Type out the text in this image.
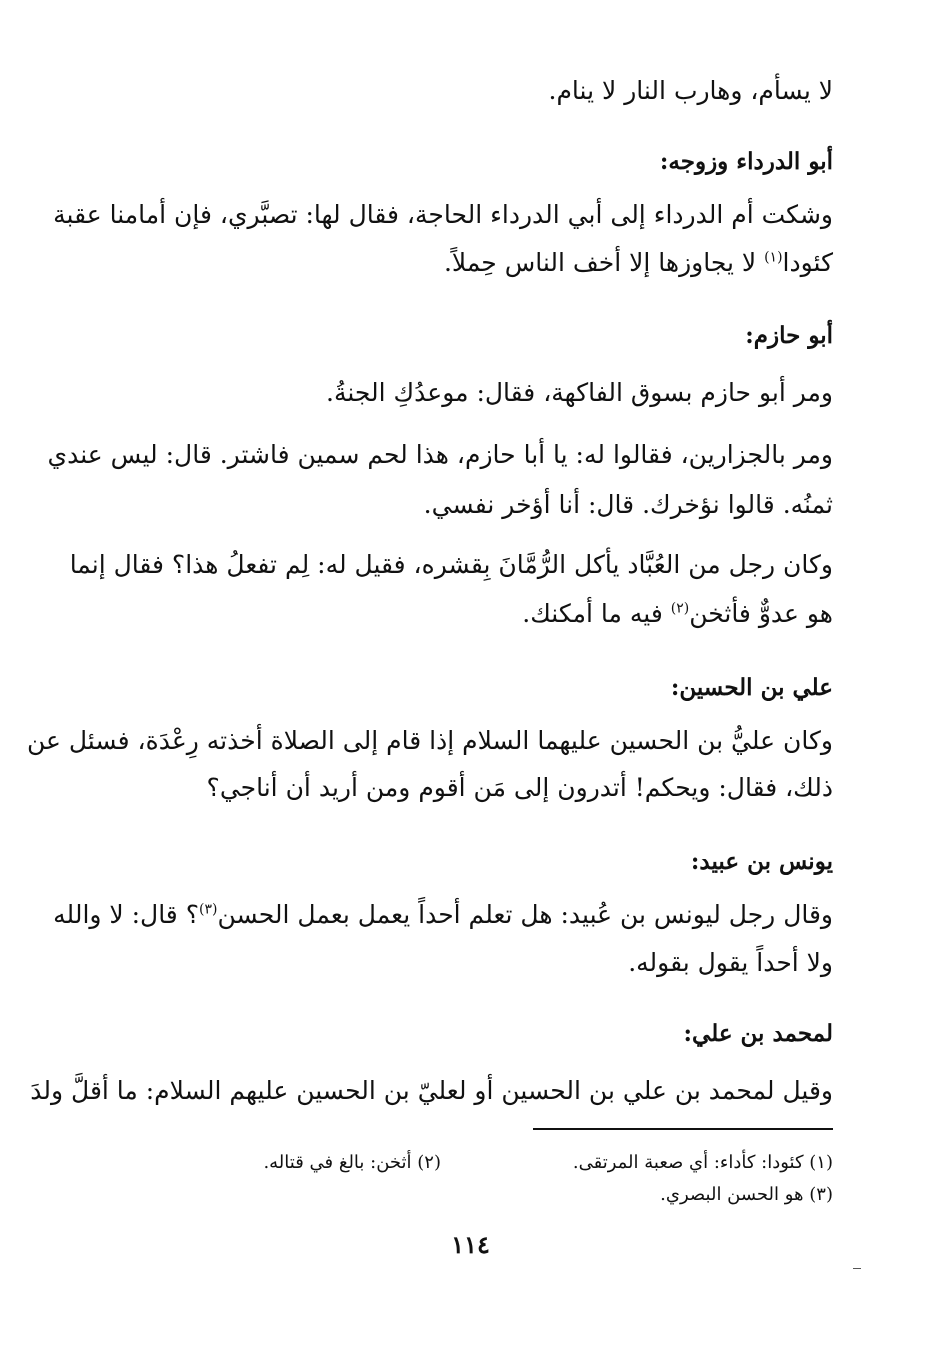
لا يسأم، وهارب النار لا ينام.
أبو الدرداء وزوجه:
وشكت أم الدرداء إلى أبي الدرداء الحاجة، فقال لها: تصبَّري، فإن أمامنا عقبة
كئودا$^{(١)}$ لا يجاوزها إلا أخف الناس حِملاً.
أبو حازم:
ومر أبو حازم بسوق الفاكهة، فقال: موعدُكِ الجنةُ.
ومر بالجزارين، فقالوا له: يا أبا حازم، هذا لحم سمين فاشتر. قال: ليس عندي
ثمنُه. قالوا نؤخرك. قال: أنا أؤخر نفسي.
وكان رجل من العُبَّاد يأكل الرُّمَّانَ بِقشره، فقيل له: لِم تفعلُ هذا؟ فقال إنما
هو عدوٌّ فأثخن$^{(٢)}$ فيه ما أمكنك.
علي بن الحسين:
وكان عليُّ بن الحسين عليهما السلام إذا قام إلى الصلاة أخذته رِعْدَة، فسئل عن
ذلك، فقال: ويحكم! أتدرون إلى مَن أقوم ومن أريد أن أناجي؟
يونس بن عبيد:
وقال رجل ليونس بن عُبيد: هل تعلم أحداً يعمل بعمل الحسن$^{(٣)}$؟ قال: لا والله
ولا أحداً يقول بقوله.
لمحمد بن علي:
وقيل لمحمد بن علي بن الحسين أو لعليّ بن الحسين عليهم السلام: ما أقلَّ ولدَ
(١) كئودا: كأداء: أي صعبة المرتقى.
(٢) أثخن: بالغ في قتاله.
(٣) هو الحسن البصري.
١١٤
